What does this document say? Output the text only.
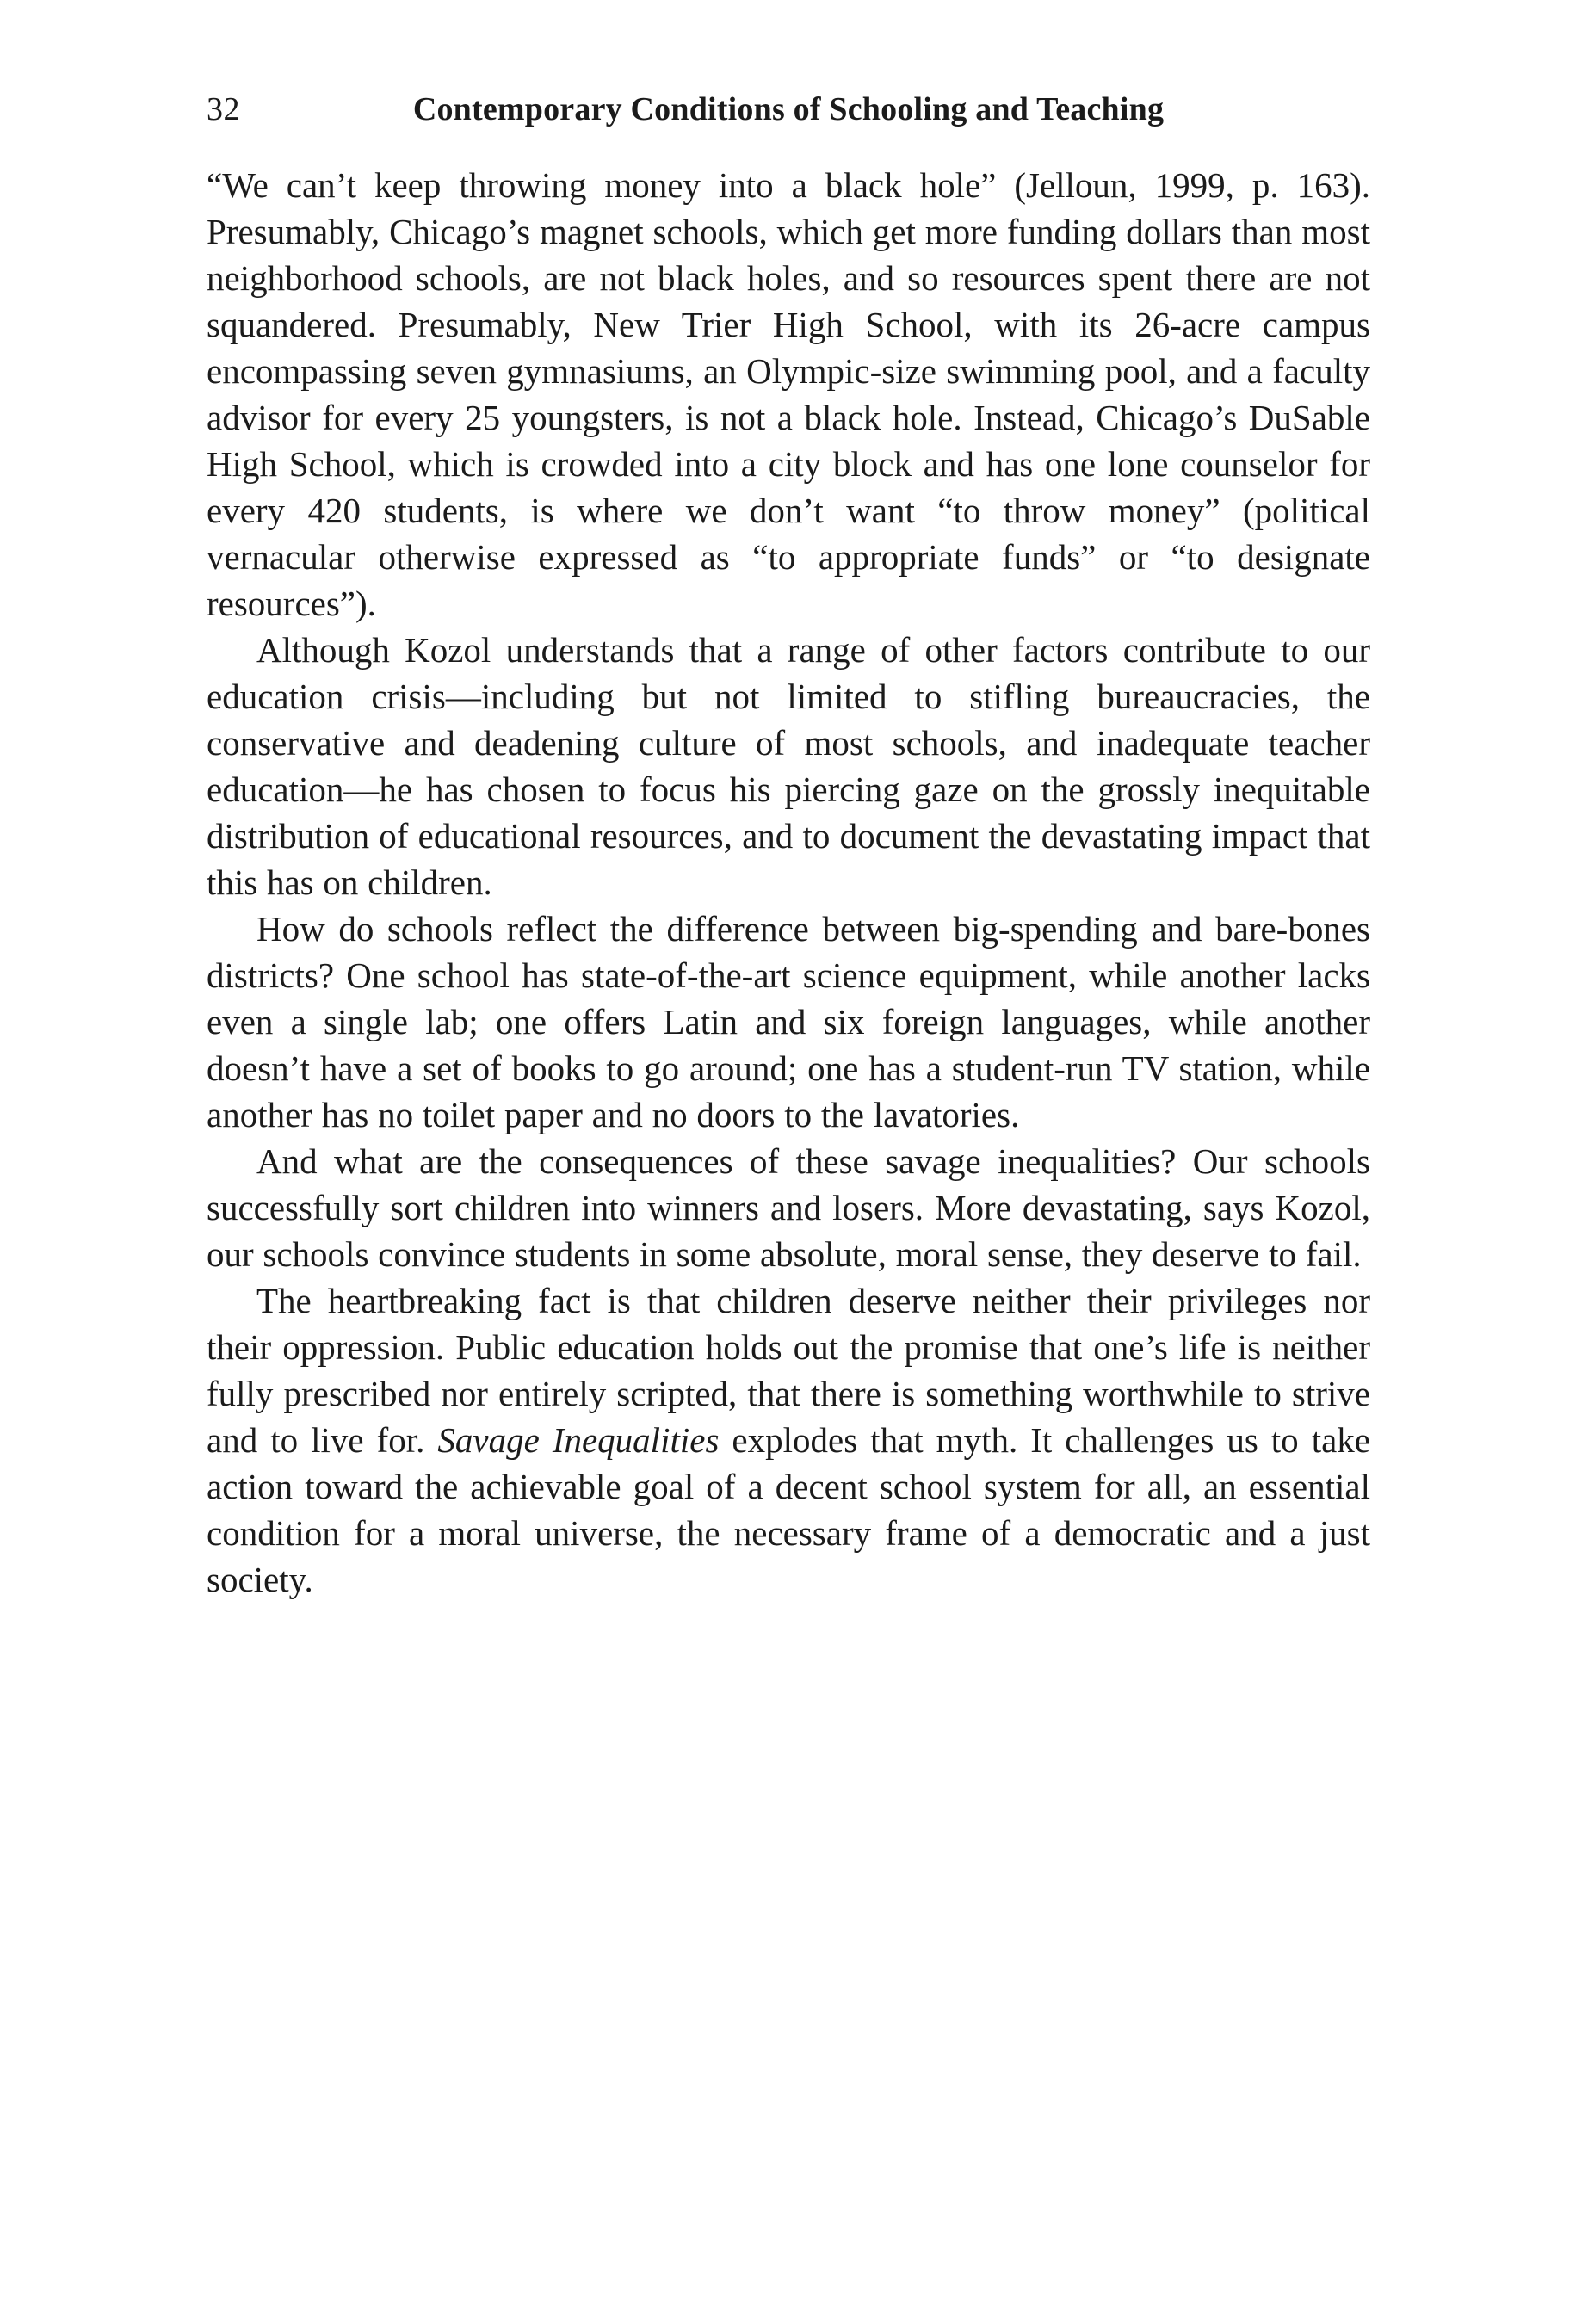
32	Contemporary Conditions of Schooling and Teaching

“We can’t keep throwing money into a black hole” (Jelloun, 1999, p. 163). Presumably, Chicago’s magnet schools, which get more funding dollars than most neighborhood schools, are not black holes, and so resources spent there are not squandered. Presumably, New Trier High School, with its 26-acre campus encompassing seven gymnasiums, an Olympic-size swimming pool, and a faculty advisor for every 25 youngsters, is not a black hole. Instead, Chicago’s DuSable High School, which is crowded into a city block and has one lone counselor for every 420 students, is where we don’t want “to throw money” (political vernacular otherwise expressed as “to appropriate funds” or “to designate resources”).

Although Kozol understands that a range of other factors contribute to our education crisis—including but not limited to stifling bureaucracies, the conservative and deadening culture of most schools, and inadequate teacher education—he has chosen to focus his piercing gaze on the grossly inequitable distribution of educational resources, and to document the devastating impact that this has on children.

How do schools reflect the difference between big-spending and bare-bones districts? One school has state-of-the-art science equipment, while another lacks even a single lab; one offers Latin and six foreign languages, while another doesn’t have a set of books to go around; one has a student-run TV station, while another has no toilet paper and no doors to the lavatories.

And what are the consequences of these savage inequalities? Our schools successfully sort children into winners and losers. More devastating, says Kozol, our schools convince students in some absolute, moral sense, they deserve to fail.

The heartbreaking fact is that children deserve neither their privileges nor their oppression. Public education holds out the promise that one’s life is neither fully prescribed nor entirely scripted, that there is something worthwhile to strive and to live for. Savage Inequalities explodes that myth. It challenges us to take action toward the achievable goal of a decent school system for all, an essential condition for a moral universe, the necessary frame of a democratic and a just society.
